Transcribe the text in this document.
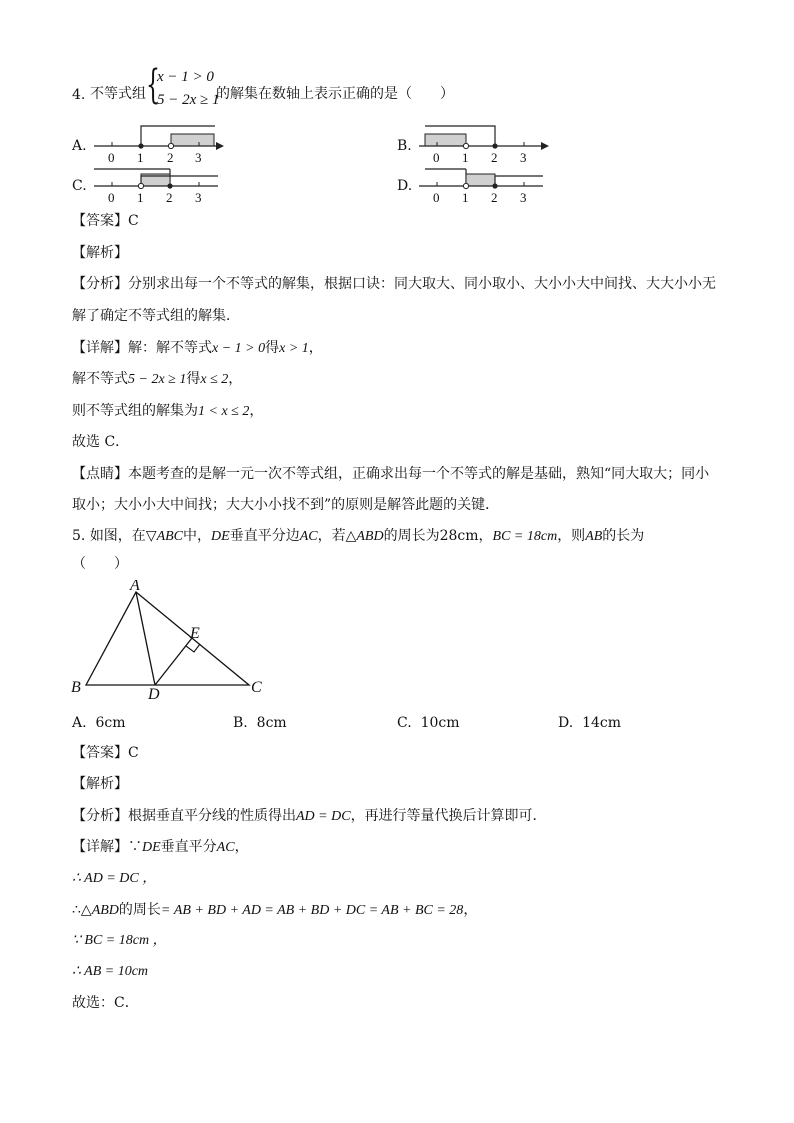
4. 不等式组 {
x − 1 > 0
5 − 2x ≥ 1
的解集在数轴上表示正确的是（　　）
A.	B.
C.	D.
0 1 2 3	0 1 2 3
0 1 2 3	0 1 2 3
【答案】C
【解析】
【分析】分别求出每一个不等式的解集，根据口诀：同大取大、同小取小、大小小大中间找、大大小小无
解了确定不等式组的解集．
【详解】解：解不等式x − 1 > 0得x > 1，
解不等式5 − 2x ≥ 1得x ≤ 2，
则不等式组的解集为1 < x ≤ 2，
故选 C．
【点睛】本题考查的是解一元一次不等式组，正确求出每一个不等式的解是基础，熟知“同大取大；同小
取小；大小小大中间找；大大小小找不到”的原则是解答此题的关键．
5. 如图，在▽ABC中，DE垂直平分边AC，若△ABD的周长为28cm，BC = 18cm，则AB的长为
（　　）
A
B	C
D
E
A. 6cm	B. 8cm	C. 10cm	D. 14cm
【答案】C
【解析】
【分析】根据垂直平分线的性质得出AD = DC，再进行等量代换后计算即可．
【详解】∵DE垂直平分AC，
∴ AD = DC ，
∴△ABD的周长= AB + BD + AD = AB + BD + DC = AB + BC = 28，
∵ BC = 18cm ，
∴ AB = 10cm
故选：C．
